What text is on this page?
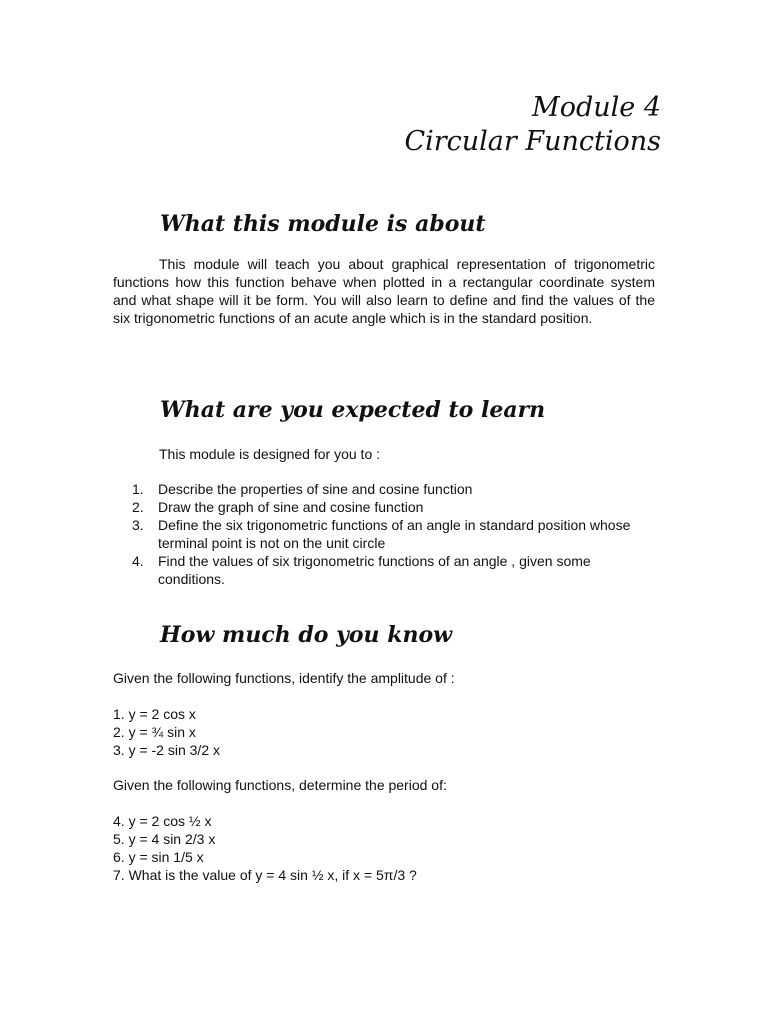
Module 4
Circular Functions
What this module is about

This module will teach you about graphical representation of trigonometric functions how this function behave when plotted in a rectangular coordinate system and what shape will it be form. You will also learn to define and find the values of the six trigonometric functions of an acute angle which is in the standard position.

What are you expected to learn

This module is designed for you to :

1. Describe the properties of sine and cosine function
2. Draw the graph of sine and cosine function
3. Define the six trigonometric functions of an angle in standard position whose terminal point is not on the unit circle
4. Find the values of six trigonometric functions of an angle , given some conditions.
How much do you know

Given the following functions, identify the amplitude of :

1. y = 2 cos x

2. y = ¾ sin x

3. y = -2 sin 3/2 x

Given the following functions, determine the period of:

4. y = 2 cos ½ x

5. y = 4 sin 2/3 x

6. y = sin 1/5 x

7. What is the value of y = 4 sin ½ x, if x = 5π/3 ?
